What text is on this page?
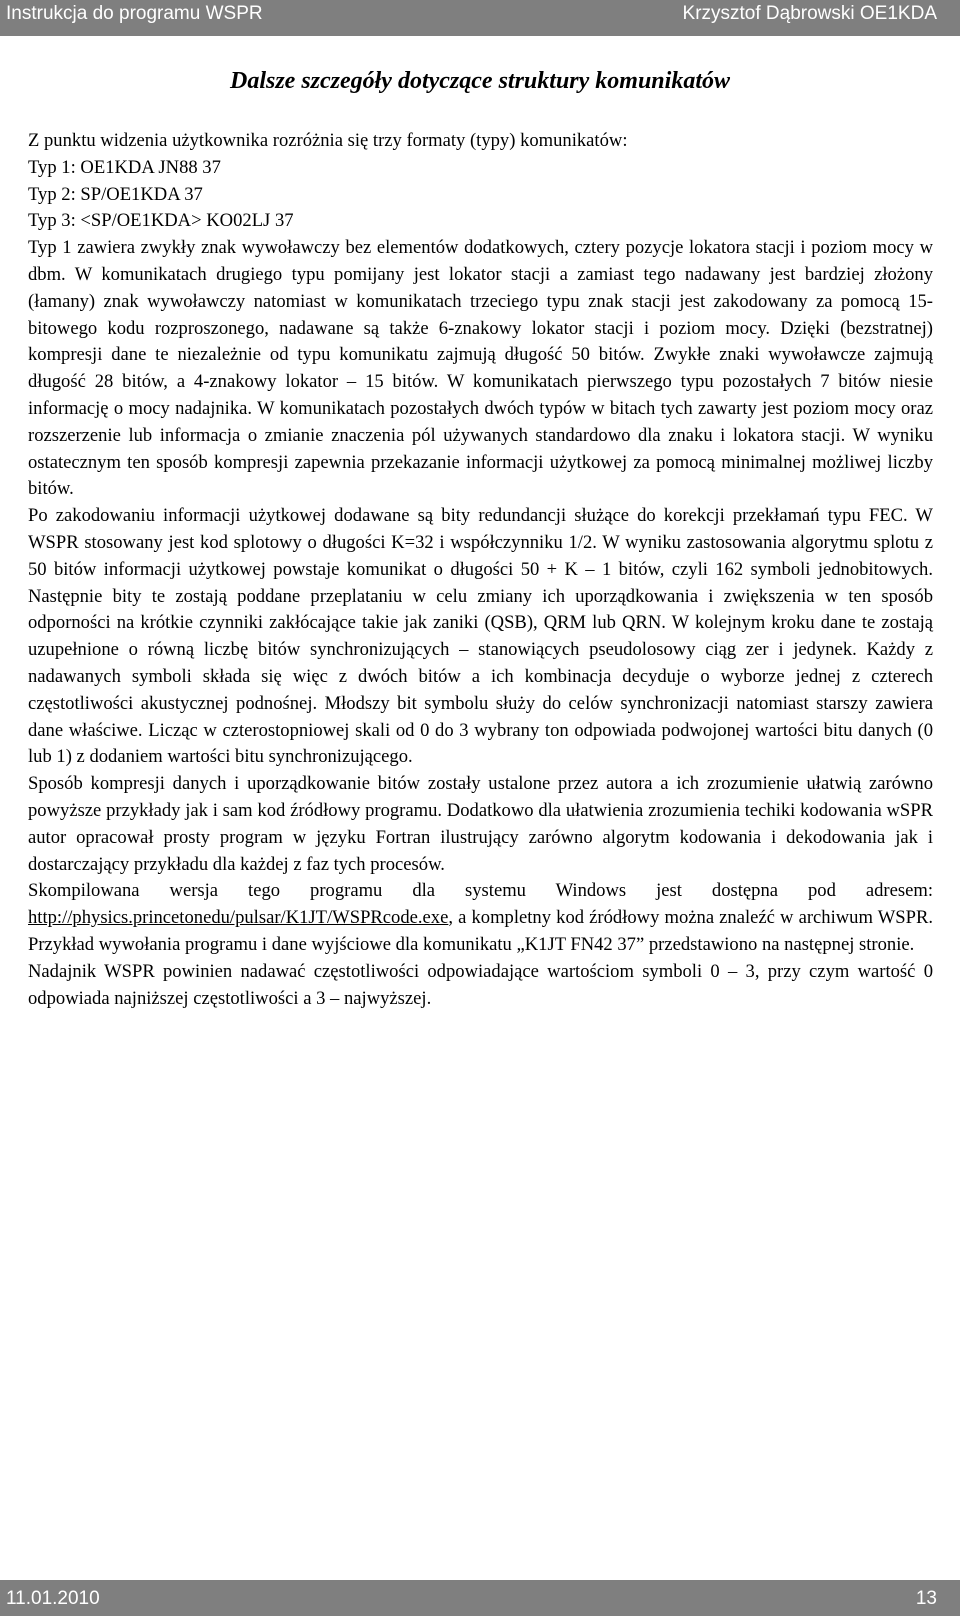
Instrukcja do programu WSPR	Krzysztof Dąbrowski OE1KDA
Dalsze szczegóły dotyczące struktury komunikatów

Z punktu widzenia użytkownika rozróżnia się trzy formaty (typy) komunikatów:

Typ 1: OE1KDA JN88 37

Typ 2: SP/OE1KDA 37

Typ 3: <SP/OE1KDA> KO02LJ 37

Typ 1 zawiera zwykły znak wywoławczy bez elementów dodatkowych, cztery pozycje lokatora stacji i poziom mocy w dbm. W komunikatach drugiego typu pomijany jest lokator stacji a zamiast tego nadawany jest bardziej złożony (łamany) znak wywoławczy natomiast w komunikatach trzeciego typu znak stacji jest zakodowany za pomocą 15-bitowego kodu rozproszonego, nadawane są także 6-znakowy lokator stacji i poziom mocy. Dzięki (bezstratnej) kompresji dane te niezależnie od typu komunikatu zajmują długość 50 bitów. Zwykłe znaki wywoławcze zajmują długość 28 bitów, a 4-znakowy lokator – 15 bitów. W komunikatach pierwszego typu pozostałych 7 bitów niesie informację o mocy nadajnika. W komunikatach pozostałych dwóch typów w bitach tych zawarty jest poziom mocy oraz rozszerzenie lub informacja o zmianie znaczenia pól używanych standardowo dla znaku i lokatora stacji. W wyniku ostatecznym ten sposób kompresji zapewnia przekazanie informacji użytkowej za pomocą minimalnej możliwej liczby bitów.

Po zakodowaniu informacji użytkowej dodawane są bity redundancji służące do korekcji przekłamań typu FEC. W WSPR stosowany jest kod splotowy o długości K=32 i współczynniku 1/2. W wyniku zastosowania algorytmu splotu z 50 bitów informacji użytkowej powstaje komunikat o długości 50 + K – 1 bitów, czyli 162 symboli jednobitowych. Następnie bity te zostają poddane przeplataniu w celu zmiany ich uporządkowania i zwiększenia w ten sposób odporności na krótkie czynniki zakłócające takie jak zaniki (QSB), QRM lub QRN. W kolejnym kroku dane te zostają uzupełnione o równą liczbę bitów synchronizujących – stanowiących pseudolosowy ciąg zer i jedynek. Każdy z nadawanych symboli składa się więc z dwóch bitów a ich kombinacja decyduje o wyborze jednej z czterech częstotliwości akustycznej podnośnej. Młodszy bit symbolu służy do celów synchronizacji natomiast starszy zawiera dane właściwe. Licząc w czterostopniowej skali od 0 do 3 wybrany ton odpowiada podwojonej wartości bitu danych (0 lub 1) z dodaniem wartości bitu synchronizującego.

Sposób kompresji danych i uporządkowanie bitów zostały ustalone przez autora a ich zrozumienie ułatwią zarówno powyższe przykłady jak i sam kod źródłowy programu. Dodatkowo dla ułatwienia zrozumienia techiki kodowania wSPR autor opracował prosty program w języku Fortran ilustrujący zarówno algorytm kodowania i dekodowania jak i dostarczający przykładu dla każdej z faz tych procesów.

Skompilowana wersja tego programu dla systemu Windows jest dostępna pod adresem: http://physics.princetonedu/pulsar/K1JT/WSPRcode.exe, a kompletny kod źródłowy można znaleźć w archiwum WSPR. Przykład wywołania programu i dane wyjściowe dla komunikatu „K1JT FN42 37” przedstawiono na następnej stronie.

Nadajnik WSPR powinien nadawać częstotliwości odpowiadające wartościom symboli 0 – 3, przy czym wartość 0 odpowiada najniższej częstotliwości a 3 – najwyższej.

11.01.2010	13
